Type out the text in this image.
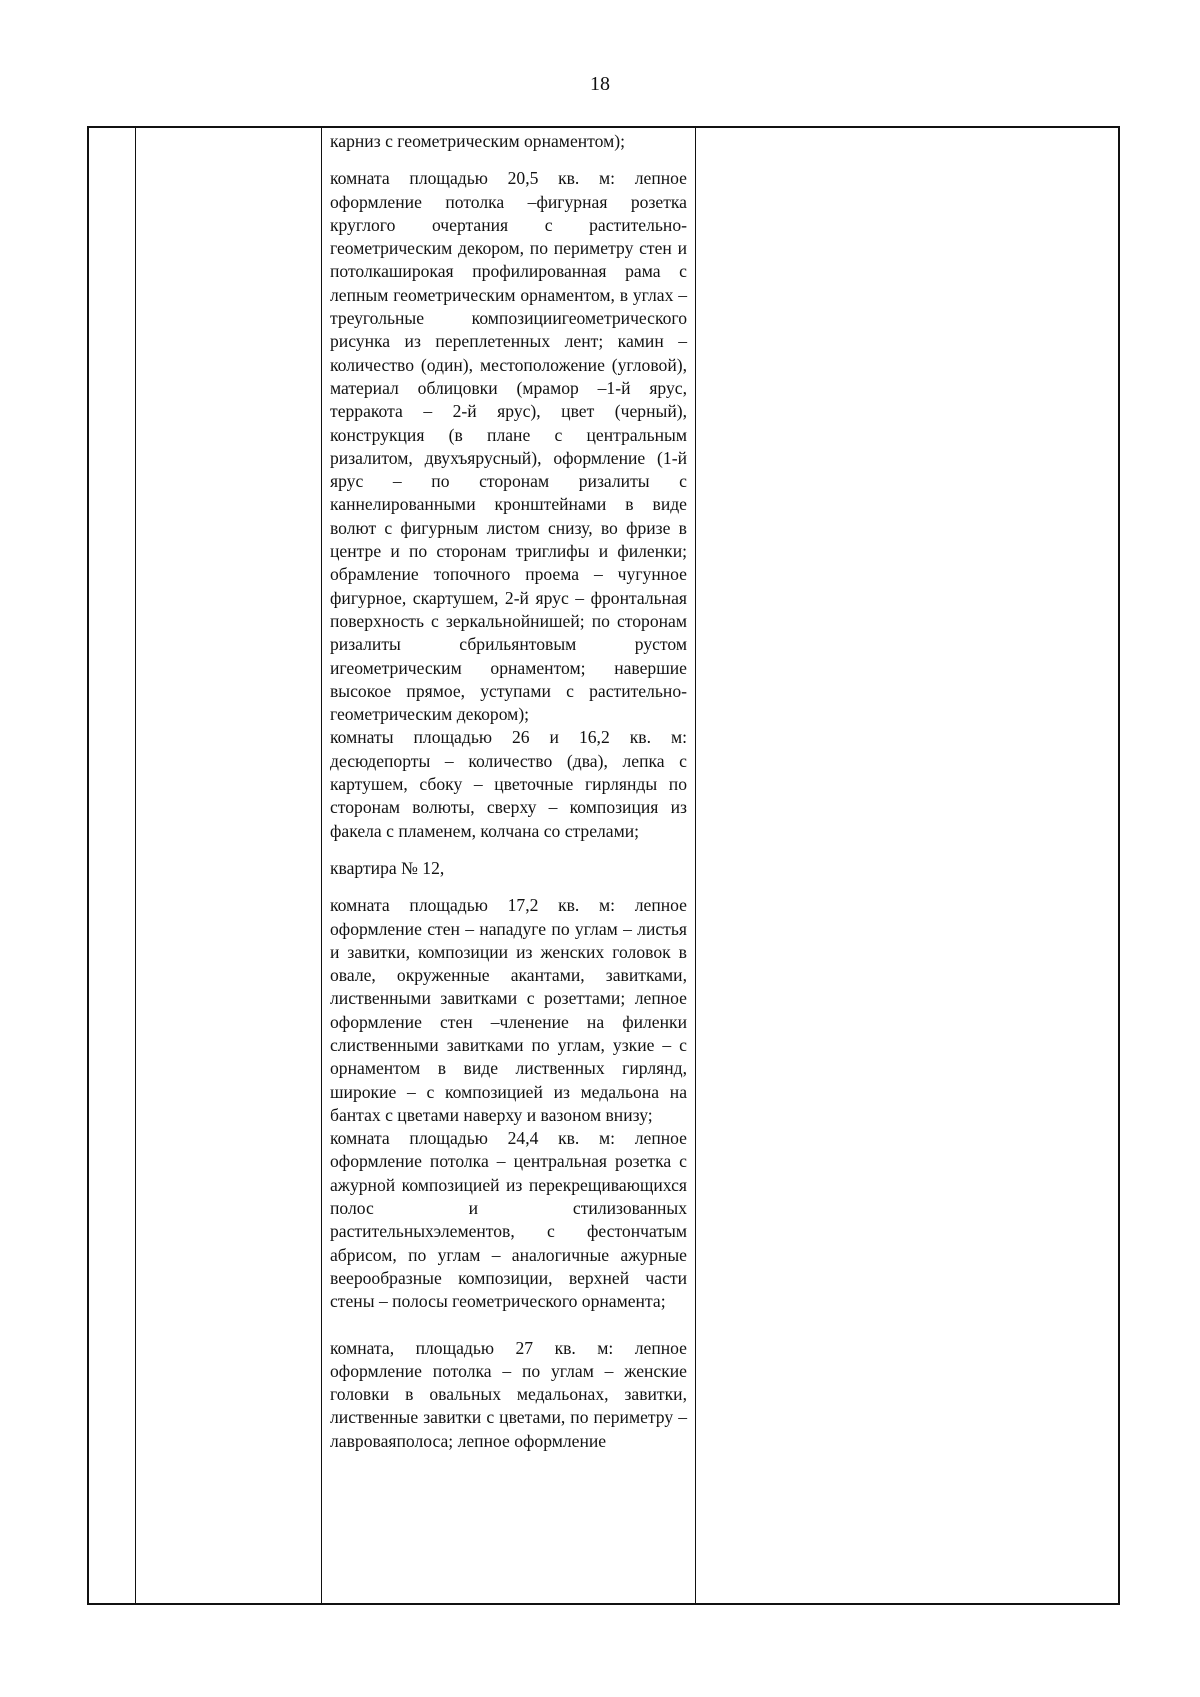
18

карниз с геометрическим орнаментом);

комната площадью 20,5 кв. м: лепное оформление потолка –фигурная розетка круглого очертания с растительно-геометрическим декором, по периметру стен и потолкаширокая профилированная рама с лепным геометрическим орнаментом, в углах – треугольные композициигеометрического рисунка из переплетенных лент; камин – количество (один), местоположение (угловой), материал облицовки (мрамор –1-й ярус, терракота – 2-й ярус), цвет (черный), конструкция (в плане с центральным ризалитом, двухъярусный), оформление (1-й ярус – по сторонам ризалиты с каннелированными кронштейнами в виде волют с фигурным листом снизу, во фризе в центре и по сторонам триглифы и филенки; обрамление топочного проема – чугунное фигурное, скартушем, 2-й ярус – фронтальная поверхность с зеркальнойнишей; по сторонам ризалиты сбрильянтовым рустом игеометрическим орнаментом; навершие высокое прямое, уступами с растительно-геометрическим декором);

комнаты площадью 26 и 16,2 кв. м: десюдепорты – количество (два), лепка с картушем, сбоку – цветочные гирлянды по сторонам волюты, сверху – композиция из факела с пламенем, колчана со стрелами;

квартира № 12,

комната площадью 17,2 кв. м: лепное оформление стен – нападуге по углам – листья и завитки, композиции из женских головок в овале, окруженные акантами, завитками, лиственными завитками с розеттами; лепное оформление стен –членение на филенки слиственными завитками по углам, узкие – с орнаментом в виде лиственных гирлянд, широкие – с композицией из медальона на бантах с цветами наверху и вазоном внизу;

комната площадью 24,4 кв. м: лепное оформление потолка – центральная розетка с ажурной композицией из перекрещивающихся полос и стилизованных растительныхэлементов, с фестончатым абрисом, по углам – аналогичные ажурные веерообразные композиции, верхней части стены – полосы геометрического орнамента;

комната, площадью 27 кв. м: лепное оформление потолка – по углам – женские головки в овальных медальонах, завитки, лиственные завитки с цветами, по периметру – лавроваяполоса; лепное оформление
